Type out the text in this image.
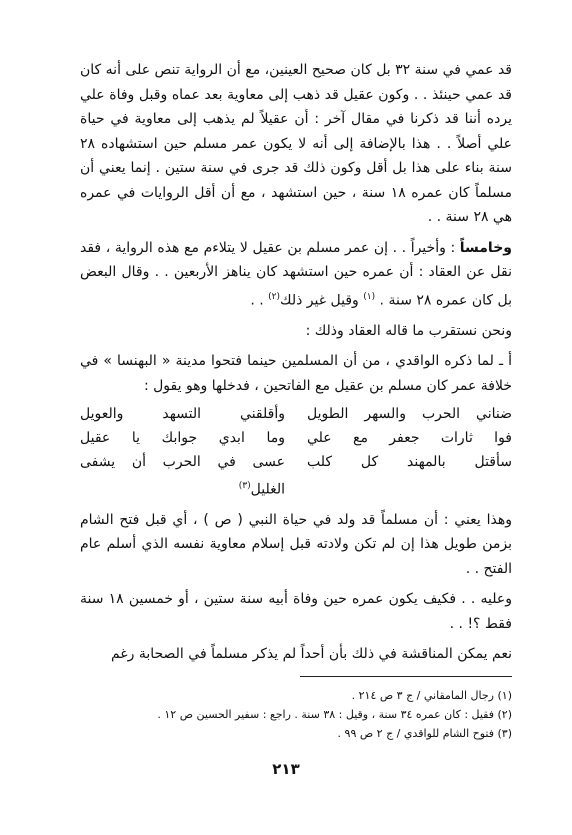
قد عمي في سنة ٣٢ بل كان صحيح العينين، مع أن الرواية تنص على أنه كان قد عمي حينئذ . . وكون عقيل قد ذهب إلى معاوية بعد عماه وقبل وفاة علي يرده أننا قد ذكرنا في مقال آخر : أن عقيلاً لم يذهب إلى معاوية في حياة علي أصلاً . . هذا بالإضافة إلى أنه لا يكون عمر مسلم حين استشهاده ٢٨ سنة بناء على هذا بل أقل وكون ذلك قد جرى في سنة ستين . إنما يعني أن مسلماً كان عمره ١٨ سنة ، حين استشهد ، مع أن أقل الروايات في عمره هي ٢٨ سنة . .

وخامساً : وأخيراً . . إن عمر مسلم بن عقيل لا يتلاءم مع هذه الرواية ، فقد نقل عن العقاد : أن عمره حين استشهد كان يناهز الأربعين . . وقال البعض بل كان عمره ٢٨ سنة . $^{(١)}$ وقيل غير ذلك$^{(٢)}$ . .

ونحن نستقرب ما قاله العقاد وذلك :

أ ـ لما ذكره الواقدي ، من أن المسلمين حينما فتحوا مدينة « البهنسا » في خلافة عمر كان مسلم بن عقيل مع الفاتحين ، فدخلها وهو يقول :

ضناني الحرب والسهر الطويل
وأقلقني التسهد والعويل
فوا ثارات جعفر مع علي
وما ابدي جوابك يا عقيل
سأقتل بالمهند كل كلب
عسى في الحرب أن يشفى الغليل$^{(٣)}$

وهذا يعني : أن مسلماً قد ولد في حياة النبي ( ص ) ، أي قبل فتح الشام بزمن طويل هذا إن لم تكن ولادته قبل إسلام معاوية نفسه الذي أسلم عام الفتح . .

وعليه . . فكيف يكون عمره حين وفاة أبيه سنة ستين ، أو خمسين ١٨ سنة فقط ؟! . .

نعم يمكن المناقشة في ذلك بأن أحداً لم يذكر مسلماً في الصحابة رغم

(١) رجال المامقاني / ج ٣ ص ٢١٤ .

(٢) فقيل : كان عمره ٣٤ سنة ، وقيل : ٣٨ سنة . راجع : سفير الحسين ص ١٢ .

(٣) فتوح الشام للواقدي / ج ٢ ص ٩٩ .

٢١٣
